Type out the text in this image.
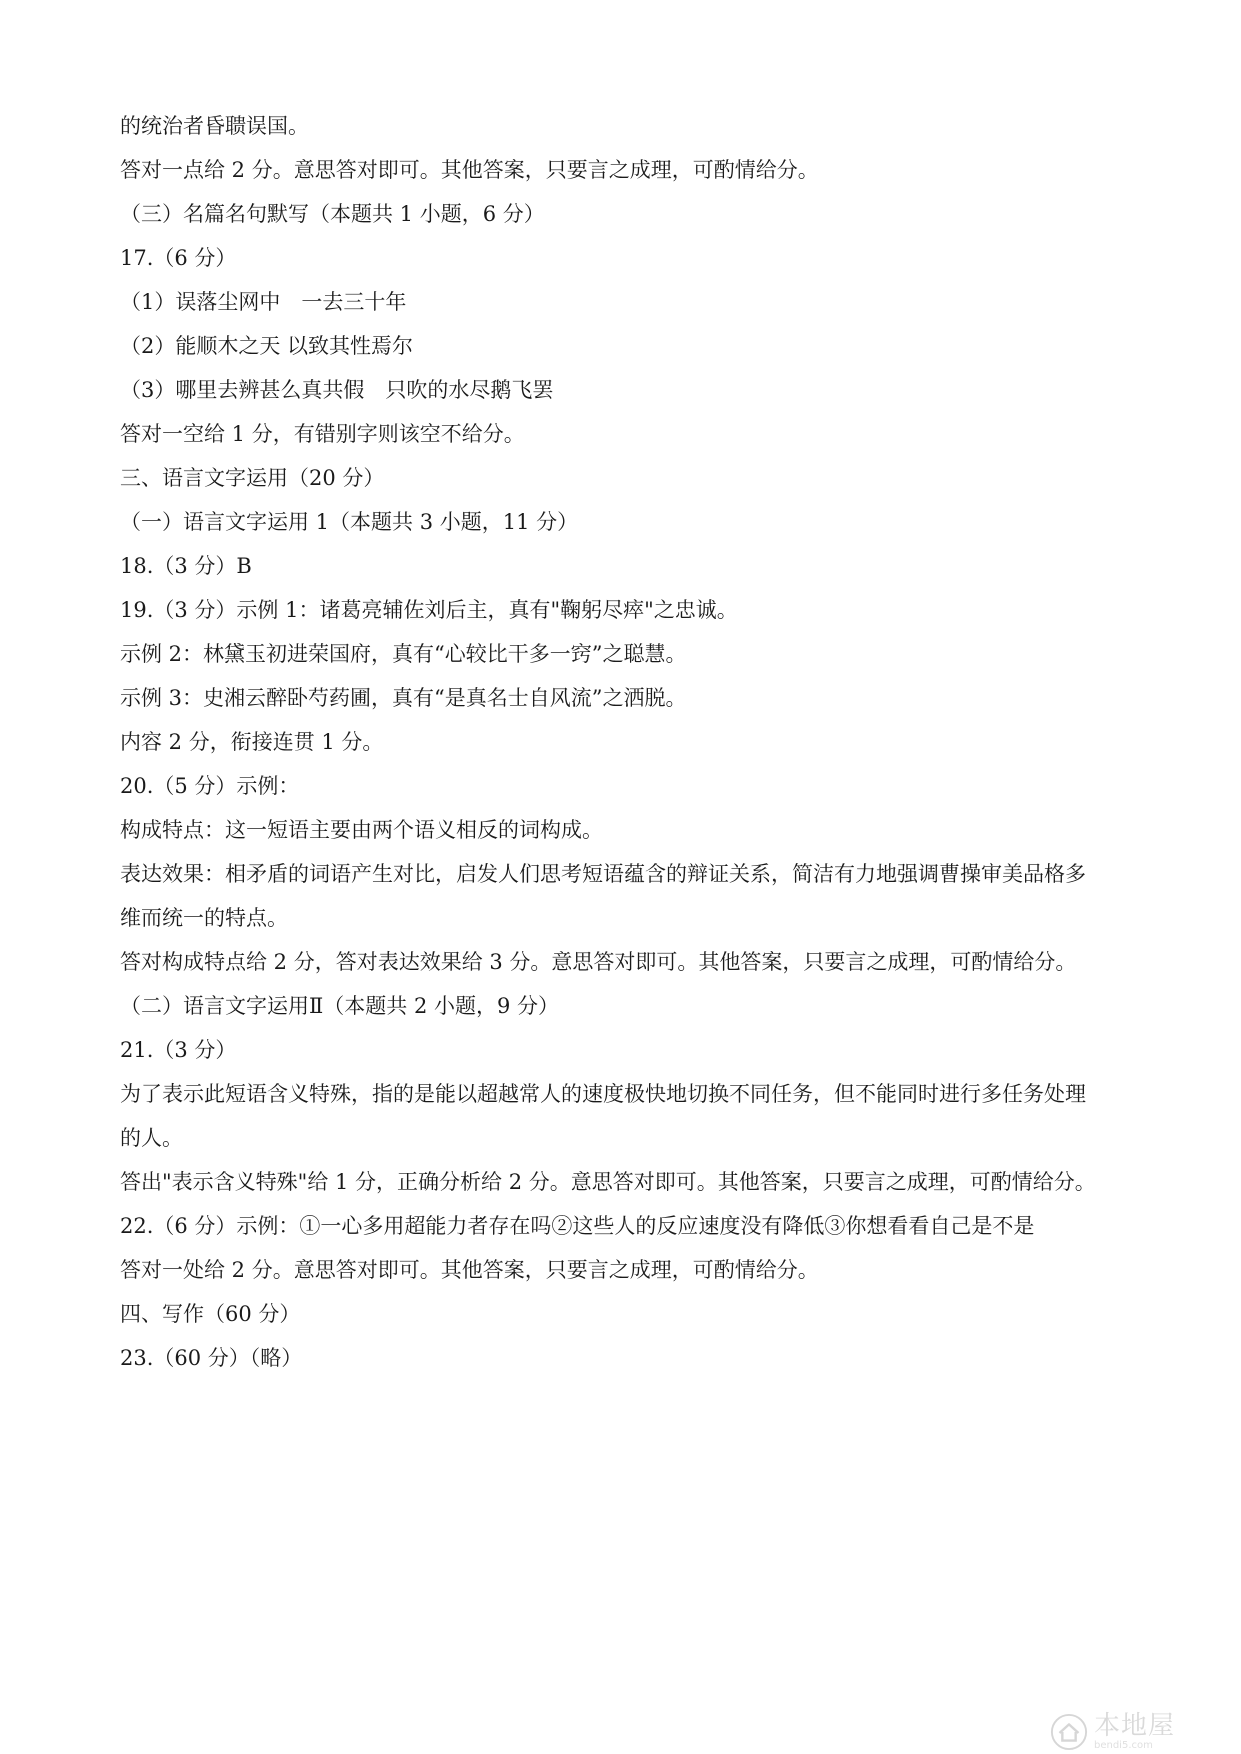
的统治者昏聩误国。
答对一点给 2 分。意思答对即可。其他答案，只要言之成理，可酌情给分。
（三）名篇名句默写（本题共 1 小题，6 分）
17.（6 分）
（1）误落尘网中　一去三十年
（2）能顺木之天 以致其性焉尔
（3）哪里去辨甚么真共假　只吹的水尽鹅飞罢
答对一空给 1 分，有错别字则该空不给分。
三、语言文字运用（20 分）
（一）语言文字运用 1（本题共 3 小题，11 分）
18.（3 分）B
19.（3 分）示例 1：诸葛亮辅佐刘后主，真有"鞠躬尽瘁"之忠诚。
示例 2：林黛玉初进荣国府，真有“心较比干多一窍”之聪慧。
示例 3：史湘云醉卧芍药圃，真有“是真名士自风流”之洒脱。
内容 2 分，衔接连贯 1 分。
20.（5 分）示例：
构成特点：这一短语主要由两个语义相反的词构成。
表达效果：相矛盾的词语产生对比，启发人们思考短语蕴含的辩证关系，简洁有力地强调曹操审美品格多
维而统一的特点。
答对构成特点给 2 分，答对表达效果给 3 分。意思答对即可。其他答案，只要言之成理，可酌情给分。
（二）语言文字运用Ⅱ（本题共 2 小题，9 分）
21.（3 分）
为了表示此短语含义特殊，指的是能以超越常人的速度极快地切换不同任务，但不能同时进行多任务处理
的人。
答出"表示含义特殊"给 1 分，正确分析给 2 分。意思答对即可。其他答案，只要言之成理，可酌情给分。
22.（6 分）示例：①一心多用超能力者存在吗②这些人的反应速度没有降低③你想看看自己是不是
答对一处给 2 分。意思答对即可。其他答案，只要言之成理，可酌情给分。
四、写作（60 分）
23.（60 分）（略）
本地屋
bendi5.com
